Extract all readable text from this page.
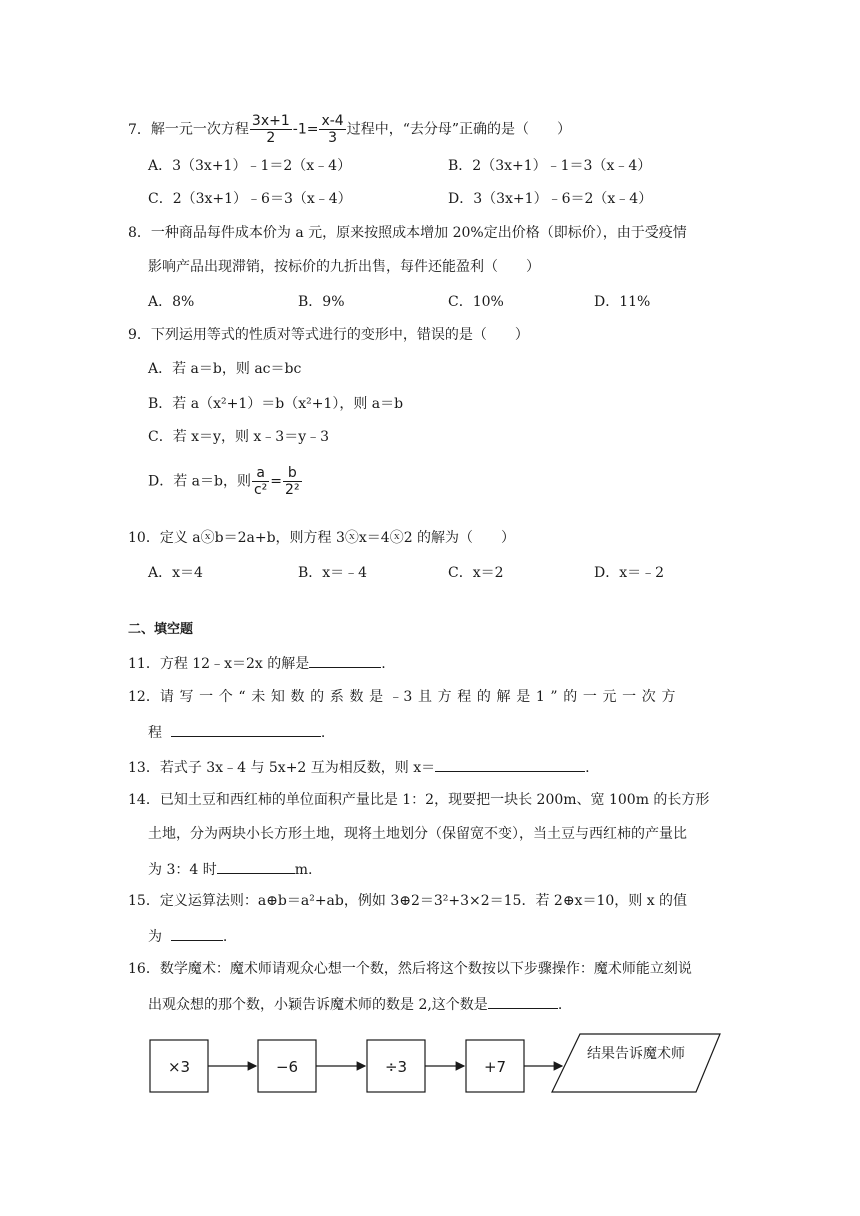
7．解一元一次方程 $\frac{3x+1}{2} -1= \frac{x-4}{3}$ 过程中，“去分母”正确的是（　　）
A．3（3x+1）﹣1＝2（x﹣4）	B．2（3x+1）﹣1＝3（x﹣4）
C．2（3x+1）﹣6＝3（x﹣4）	D．3（3x+1）﹣6＝2（x﹣4）
8．一种商品每件成本价为 a 元，原来按照成本增加 20%定出价格（即标价），由于受疫情
影响产品出现滞销，按标价的九折出售，每件还能盈利（　　）
A．8%	B．9%	C．10%	D．11%
9．下列运用等式的性质对等式进行的变形中，错误的是（　　）
A．若 a＝b，则 ac＝bc
B．若 a（x²+1）＝b（x²+1），则 a＝b
C．若 x＝y，则 x﹣3＝y﹣3
D．若 a＝b，则 $\frac{a}{\text{c²}} = \frac{b}{\text{2²}}$
10．定义 aⓧb＝2a+b，则方程 3ⓧx＝4ⓧ2 的解为（　　）
A．x＝4	B．x＝﹣4	C．x＝2	D．x＝﹣2
二、填空题
11．方程 12﹣x＝2x 的解是	.
12．请 写 一 个 “ 未 知 数 的 系 数 是 ﹣3 且 方 程 的 解 是 1 ” 的 一 元 一 次 方
程	.
13．若式子 3x﹣4 与 5x+2 互为相反数，则 x＝	.
14．已知土豆和西红柿的单位面积产量比是 1：2，现要把一块长 200m、宽 100m 的长方形
土地，分为两块小长方形土地，现将土地划分（保留宽不变），当土豆与西红柿的产量比
为 3：4 时	m.
15．定义运算法则：a⊕b＝a²+ab，例如 3⊕2＝3²+3×2＝15．若 2⊕x＝10，则 x 的值
为	.
16．数学魔术：魔术师请观众心想一个数，然后将这个数按以下步骤操作：魔术师能立刻说
出观众想的那个数，小颖告诉魔术师的数是 2,这个数是	.
×3	−6	÷3	+7
结果告诉魔术师
